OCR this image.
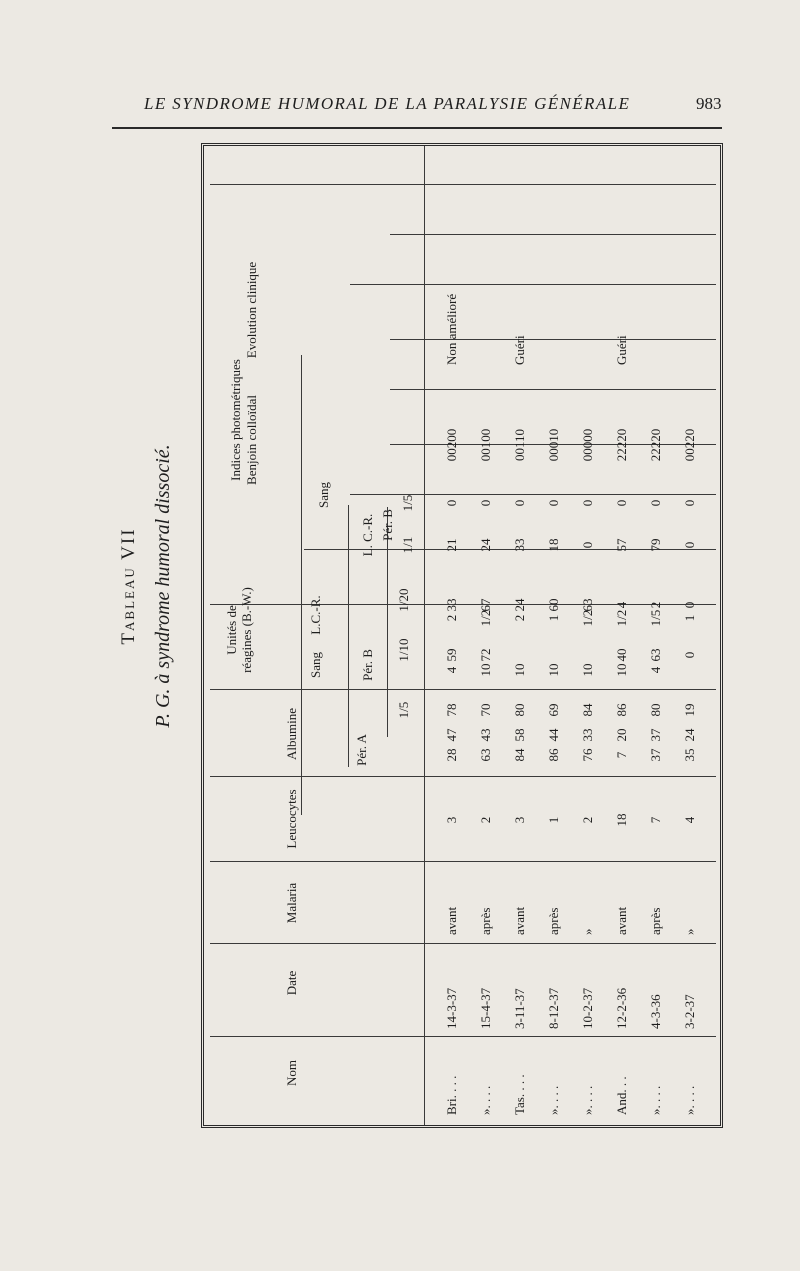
LE SYNDROME HUMORAL DE LA PARALYSIE GÉNÉRALE	983
Tableau VII P. G. à syndrome humoral dissocié.
Nom
Date
Malaria
Leucocytes
Albumine
Unités de réagines (B.-W.)	Sang
L.C.-R.
Indices photométriques
Sang
Pér. A
Pér. B
1/5
1/10
1/20
L. C.-R. Pér. B
1/1
1/5
Benjoin colloïdal
Evolution clinique
Bri. . . .
14-3-37
avant
3
47
4
2
28
78
59
33
21
0
00200
Non amélioré
». . . .
15-4-37
après
2
43
10
1/2
63
70
72
67
24
0
00100
Tas. . . .
3-11-37
avant
3
58
10
2
84
80
24
33
0
00110
Guéri
». . . .
8-12-37
après
1
44
10
1
86
69
60
18
0
00010
». . . .
10-2-37
»
2
33
10
1/2
76
84
63
0
0
00000
And. . .
12-2-36
avant
18
20
10
1/2
7
86
40
4
57
0
22220
Guéri
». . . .
4-3-36
après
7
37
4
1/5
37
80
63
2
79
0
22220
». . . .
3-2-37
»
4
24
1
35
19
0
0
0
0
00220
